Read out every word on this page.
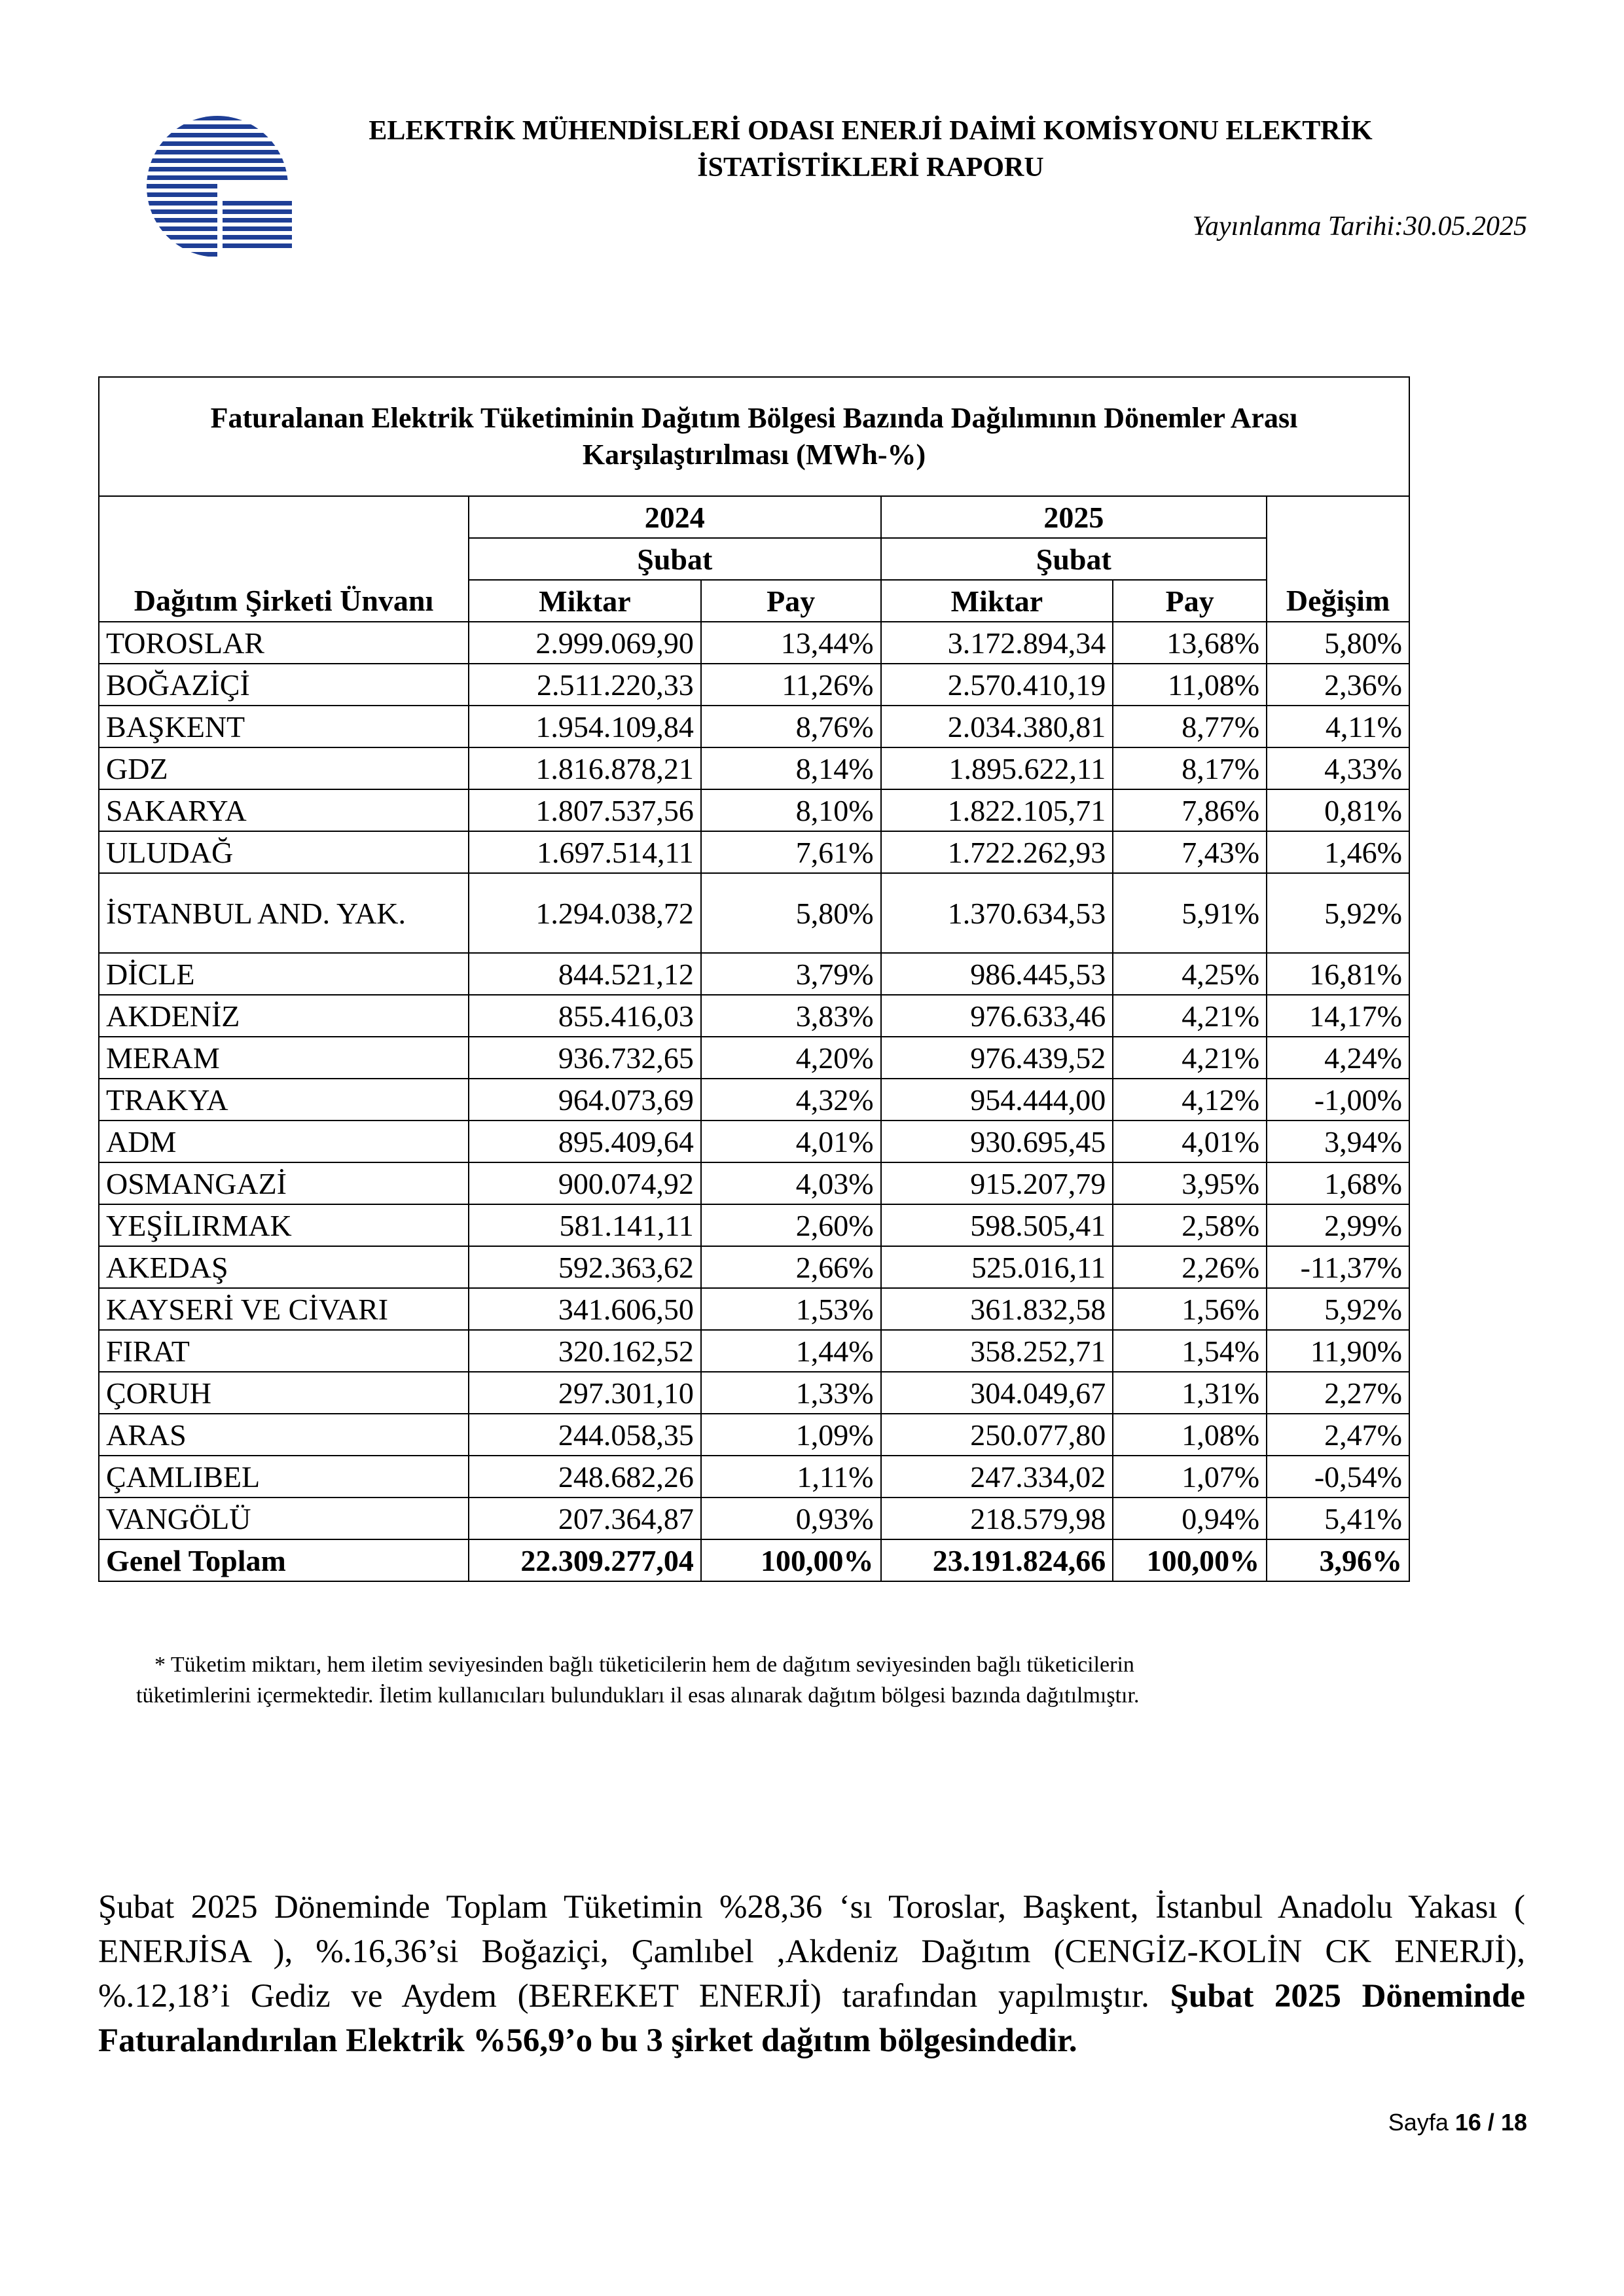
ELEKTRİK MÜHENDİSLERİ ODASI ENERJİ DAİMİ KOMİSYONU ELEKTRİK
İSTATİSTİKLERİ RAPORU
Yayınlanma Tarihi:30.05.2025
Faturalanan Elektrik Tüketiminin Dağıtım Bölgesi Bazında Dağılımının Dönemler Arası
Karşılaştırılması (MWh-%)					

	2024		2025		
	Şubat		Şubat		
Dağıtım Şirketi Ünvanı	Miktar	Pay	Miktar	Pay	Değişim
TOROSLAR	2.999.069,90	13,44%	3.172.894,34	13,68%	5,80%
BOĞAZİÇİ	2.511.220,33	11,26%	2.570.410,19	11,08%	2,36%
BAŞKENT	1.954.109,84	8,76%	2.034.380,81	8,77%	4,11%
GDZ	1.816.878,21	8,14%	1.895.622,11	8,17%	4,33%
SAKARYA	1.807.537,56	8,10%	1.822.105,71	7,86%	0,81%
ULUDAĞ	1.697.514,11	7,61%	1.722.262,93	7,43%	1,46%
İSTANBUL AND. YAK.	1.294.038,72	5,80%	1.370.634,53	5,91%	5,92%
DİCLE	844.521,12	3,79%	986.445,53	4,25%	16,81%
AKDENİZ	855.416,03	3,83%	976.633,46	4,21%	14,17%
MERAM	936.732,65	4,20%	976.439,52	4,21%	4,24%
TRAKYA	964.073,69	4,32%	954.444,00	4,12%	-1,00%
ADM	895.409,64	4,01%	930.695,45	4,01%	3,94%
OSMANGAZİ	900.074,92	4,03%	915.207,79	3,95%	1,68%
YEŞİLIRMAK	581.141,11	2,60%	598.505,41	2,58%	2,99%
AKEDAŞ	592.363,62	2,66%	525.016,11	2,26%	-11,37%
KAYSERİ VE CİVARI	341.606,50	1,53%	361.832,58	1,56%	5,92%
FIRAT	320.162,52	1,44%	358.252,71	1,54%	11,90%
ÇORUH	297.301,10	1,33%	304.049,67	1,31%	2,27%
ARAS	244.058,35	1,09%	250.077,80	1,08%	2,47%
ÇAMLIBEL	248.682,26	1,11%	247.334,02	1,07%	-0,54%
VANGÖLÜ	207.364,87	0,93%	218.579,98	0,94%	5,41%
Genel Toplam	22.309.277,04	100,00%	23.191.824,66	100,00%	3,96%
* Tüketim miktarı, hem iletim seviyesinden bağlı tüketicilerin hem de dağıtım seviyesinden bağlı tüketicilerin
tüketimlerini içermektedir. İletim kullanıcıları bulundukları il esas alınarak dağıtım bölgesi bazında dağıtılmıştır.
Şubat 2025 Döneminde Toplam Tüketimin %28,36 ‘sı Toroslar, Başkent, İstanbul Anadolu Yakası ( ENERJİSA ), %.16,36’si Boğaziçi, Çamlıbel ,Akdeniz Dağıtım (CENGİZ-KOLİN CK ENERJİ), %.12,18’i Gediz ve Aydem (BEREKET ENERJİ) tarafından yapılmıştır. Şubat 2025 Döneminde Faturalandırılan Elektrik %56,9’o bu 3 şirket dağıtım bölgesindedir.
Sayfa 16 / 18
